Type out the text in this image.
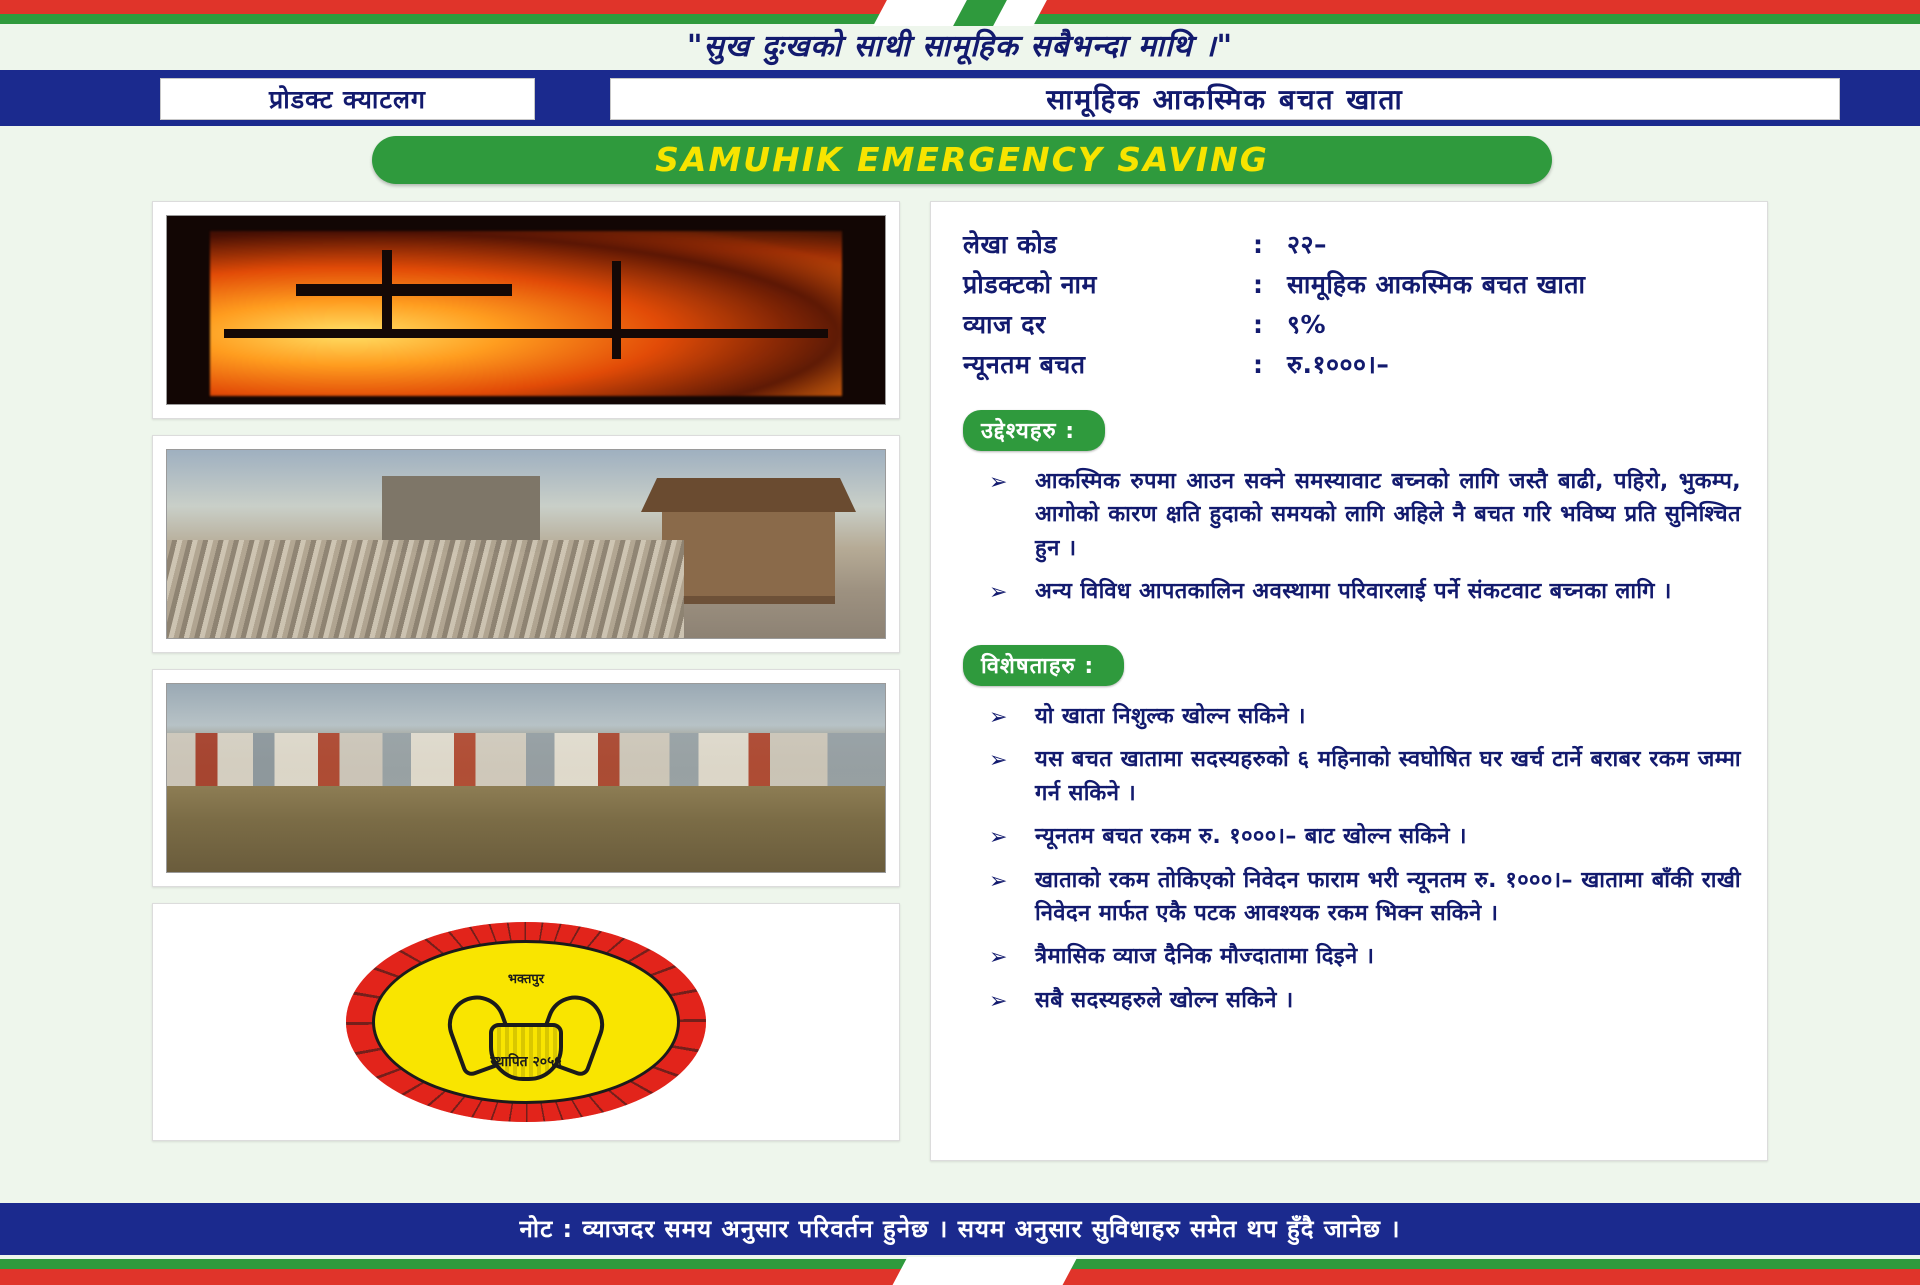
"सुख दुःखको साथी सामूहिक सबैभन्दा माथि ।"
प्रोडक्ट क्याटलग	सामूहिक आकस्मिक बचत खाता
SAMUHIK EMERGENCY SAVING
भक्तपुर
स्थापित २०५५
लेखा कोड	:	२२–
प्रोडक्टको नाम	:	सामूहिक आकस्मिक बचत खाता
व्याज दर	:	९%
न्यूनतम बचत	:	रु.१०००।–
उद्देश्यहरु :
➢ आकस्मिक रुपमा आउन सक्ने समस्यावाट बच्नको लागि जस्तै बाढी, पहिरो, भुकम्प, आगोको कारण क्षति हुदाको समयको लागि अहिले नै बचत गरि भविष्य प्रति सुनिश्चित हुन ।
➢ अन्य विविध आपतकालिन अवस्थामा परिवारलाई पर्ने संकटवाट बच्नका लागि ।
विशेषताहरु :
➢ यो खाता निशुल्क खोल्न सकिने ।
➢ यस बचत खातामा सदस्यहरुको ६ महिनाको स्वघोषित घर खर्च टार्ने बराबर रकम जम्मा गर्न सकिने ।
➢ न्यूनतम बचत रकम रु. १०००।– बाट खोल्न सकिने ।
➢ खाताको रकम तोकिएको निवेदन फाराम भरी न्यूनतम रु. १०००।– खातामा बाँकी राखी निवेदन मार्फत एकै पटक आवश्यक रकम भिक्न सकिने ।
➢ त्रैमासिक व्याज दैनिक मौज्दातामा दिइने ।
➢ सबै सदस्यहरुले खोल्न सकिने ।
नोट : व्याजदर समय अनुसार परिवर्तन हुनेछ । सयम अनुसार सुविधाहरु समेत थप हुँदै जानेछ ।
